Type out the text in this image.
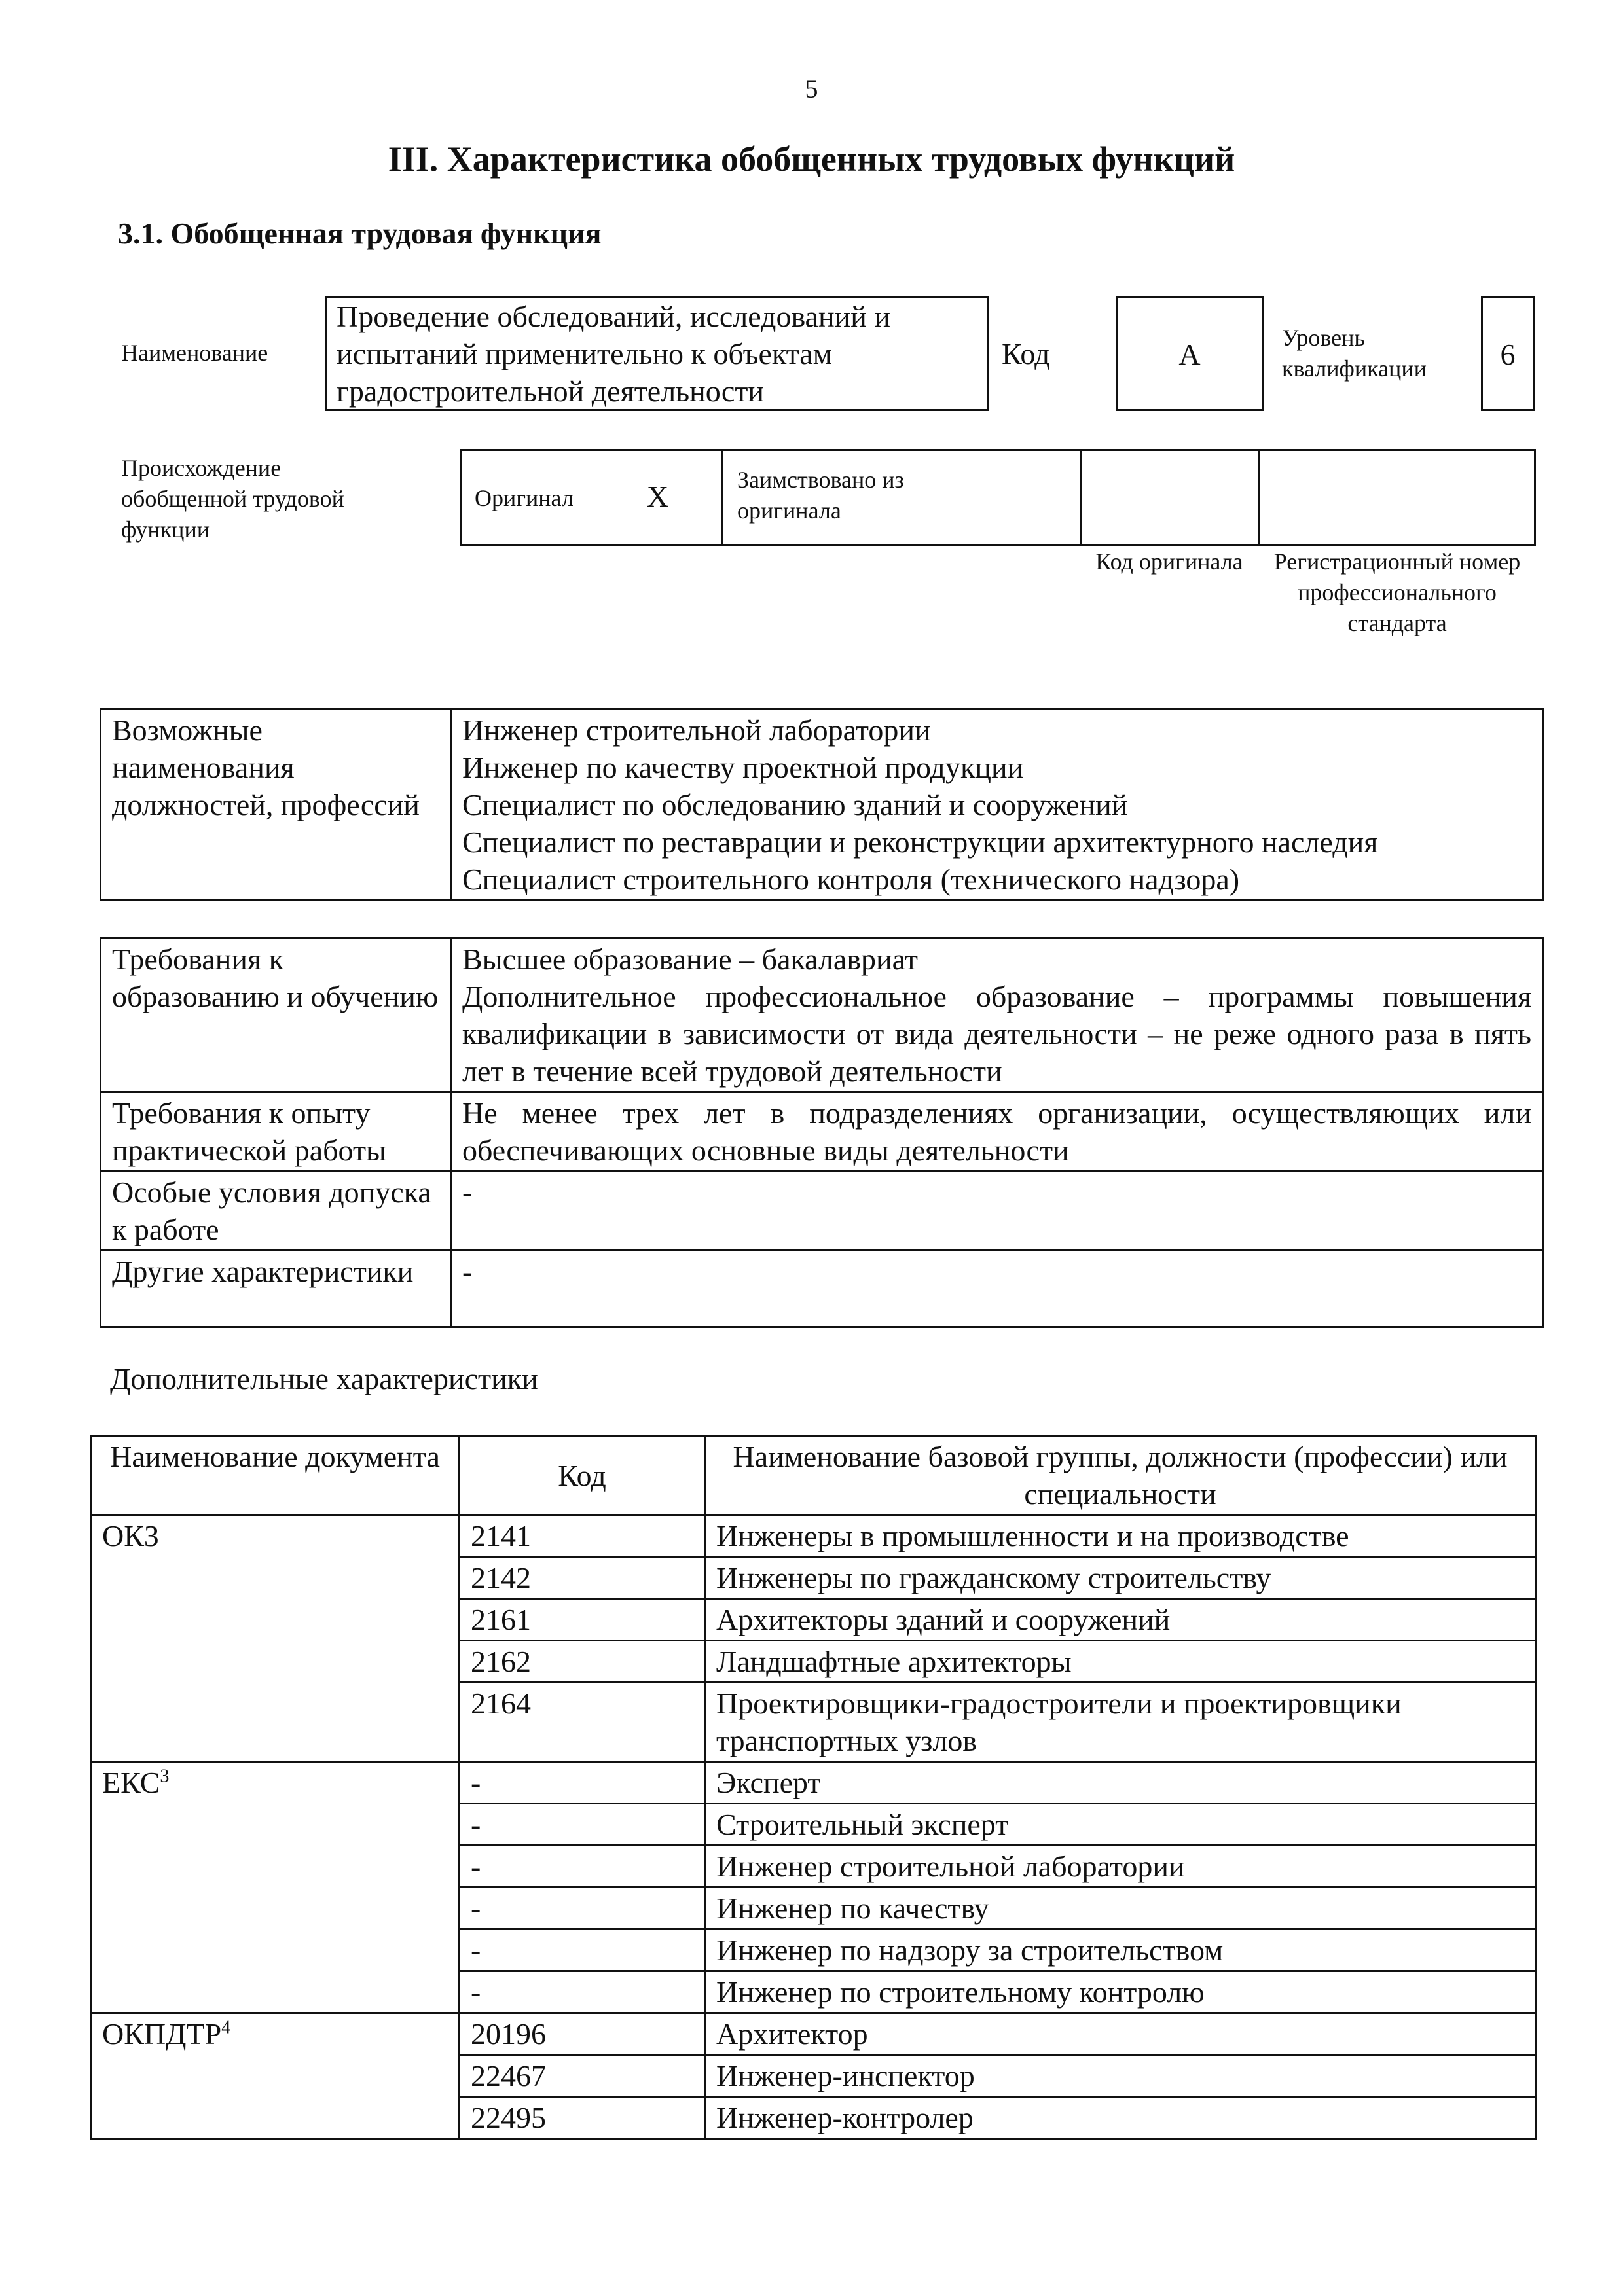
5
III. Характеристика обобщенных трудовых функций
3.1. Обобщенная трудовая функция
Наименование
Проведение обследований, исследований и испытаний применительно к объектам градостроительной деятельности
Код	A	Уровень квалификации	6
Происхождение обобщенной трудовой функции
Оригинал X	Заимствовано из оригинала
Код оригинала	Регистрационный номер профессионального стандарта
Возможные наименования должностей, профессий	
Инженер строительной лаборатории
Инженер по качеству проектной продукции
Специалист по обследованию зданий и сооружений
Специалист по реставрации и реконструкции архитектурного наследия
Специалист строительного контроля (технического надзора)
Требования к образованию и обучению	Высшее образование – бакалавриат
Дополнительное профессиональное образование – программы повышения квалификации в зависимости от вида деятельности – не реже одного раза в пять лет в течение всей трудовой деятельности
Требования к опыту практической работы	Не менее трех лет в подразделениях организации, осуществляющих или обеспечивающих основные виды деятельности
Особые условия допуска к работе	-
Другие характеристики	-
Дополнительные характеристики
Наименование документа	Код	Наименование базовой группы, должности (профессии) или специальности
ОКЗ	2141	Инженеры в промышленности и на производстве
	2142	Инженеры по гражданскому строительству
	2161	Архитекторы зданий и сооружений
	2162	Ландшафтные архитекторы
	2164	Проектировщики-градостроители и проектировщики транспортных узлов
ЕКС$^3$	-	Эксперт
	-	Строительный эксперт
	-	Инженер строительной лаборатории
	-	Инженер по качеству
	-	Инженер по надзору за строительством
	-	Инженер по строительному контролю
ОКПДТР$^4$	20196	Архитектор
	22467	Инженер-инспектор
	22495	Инженер-контролер
